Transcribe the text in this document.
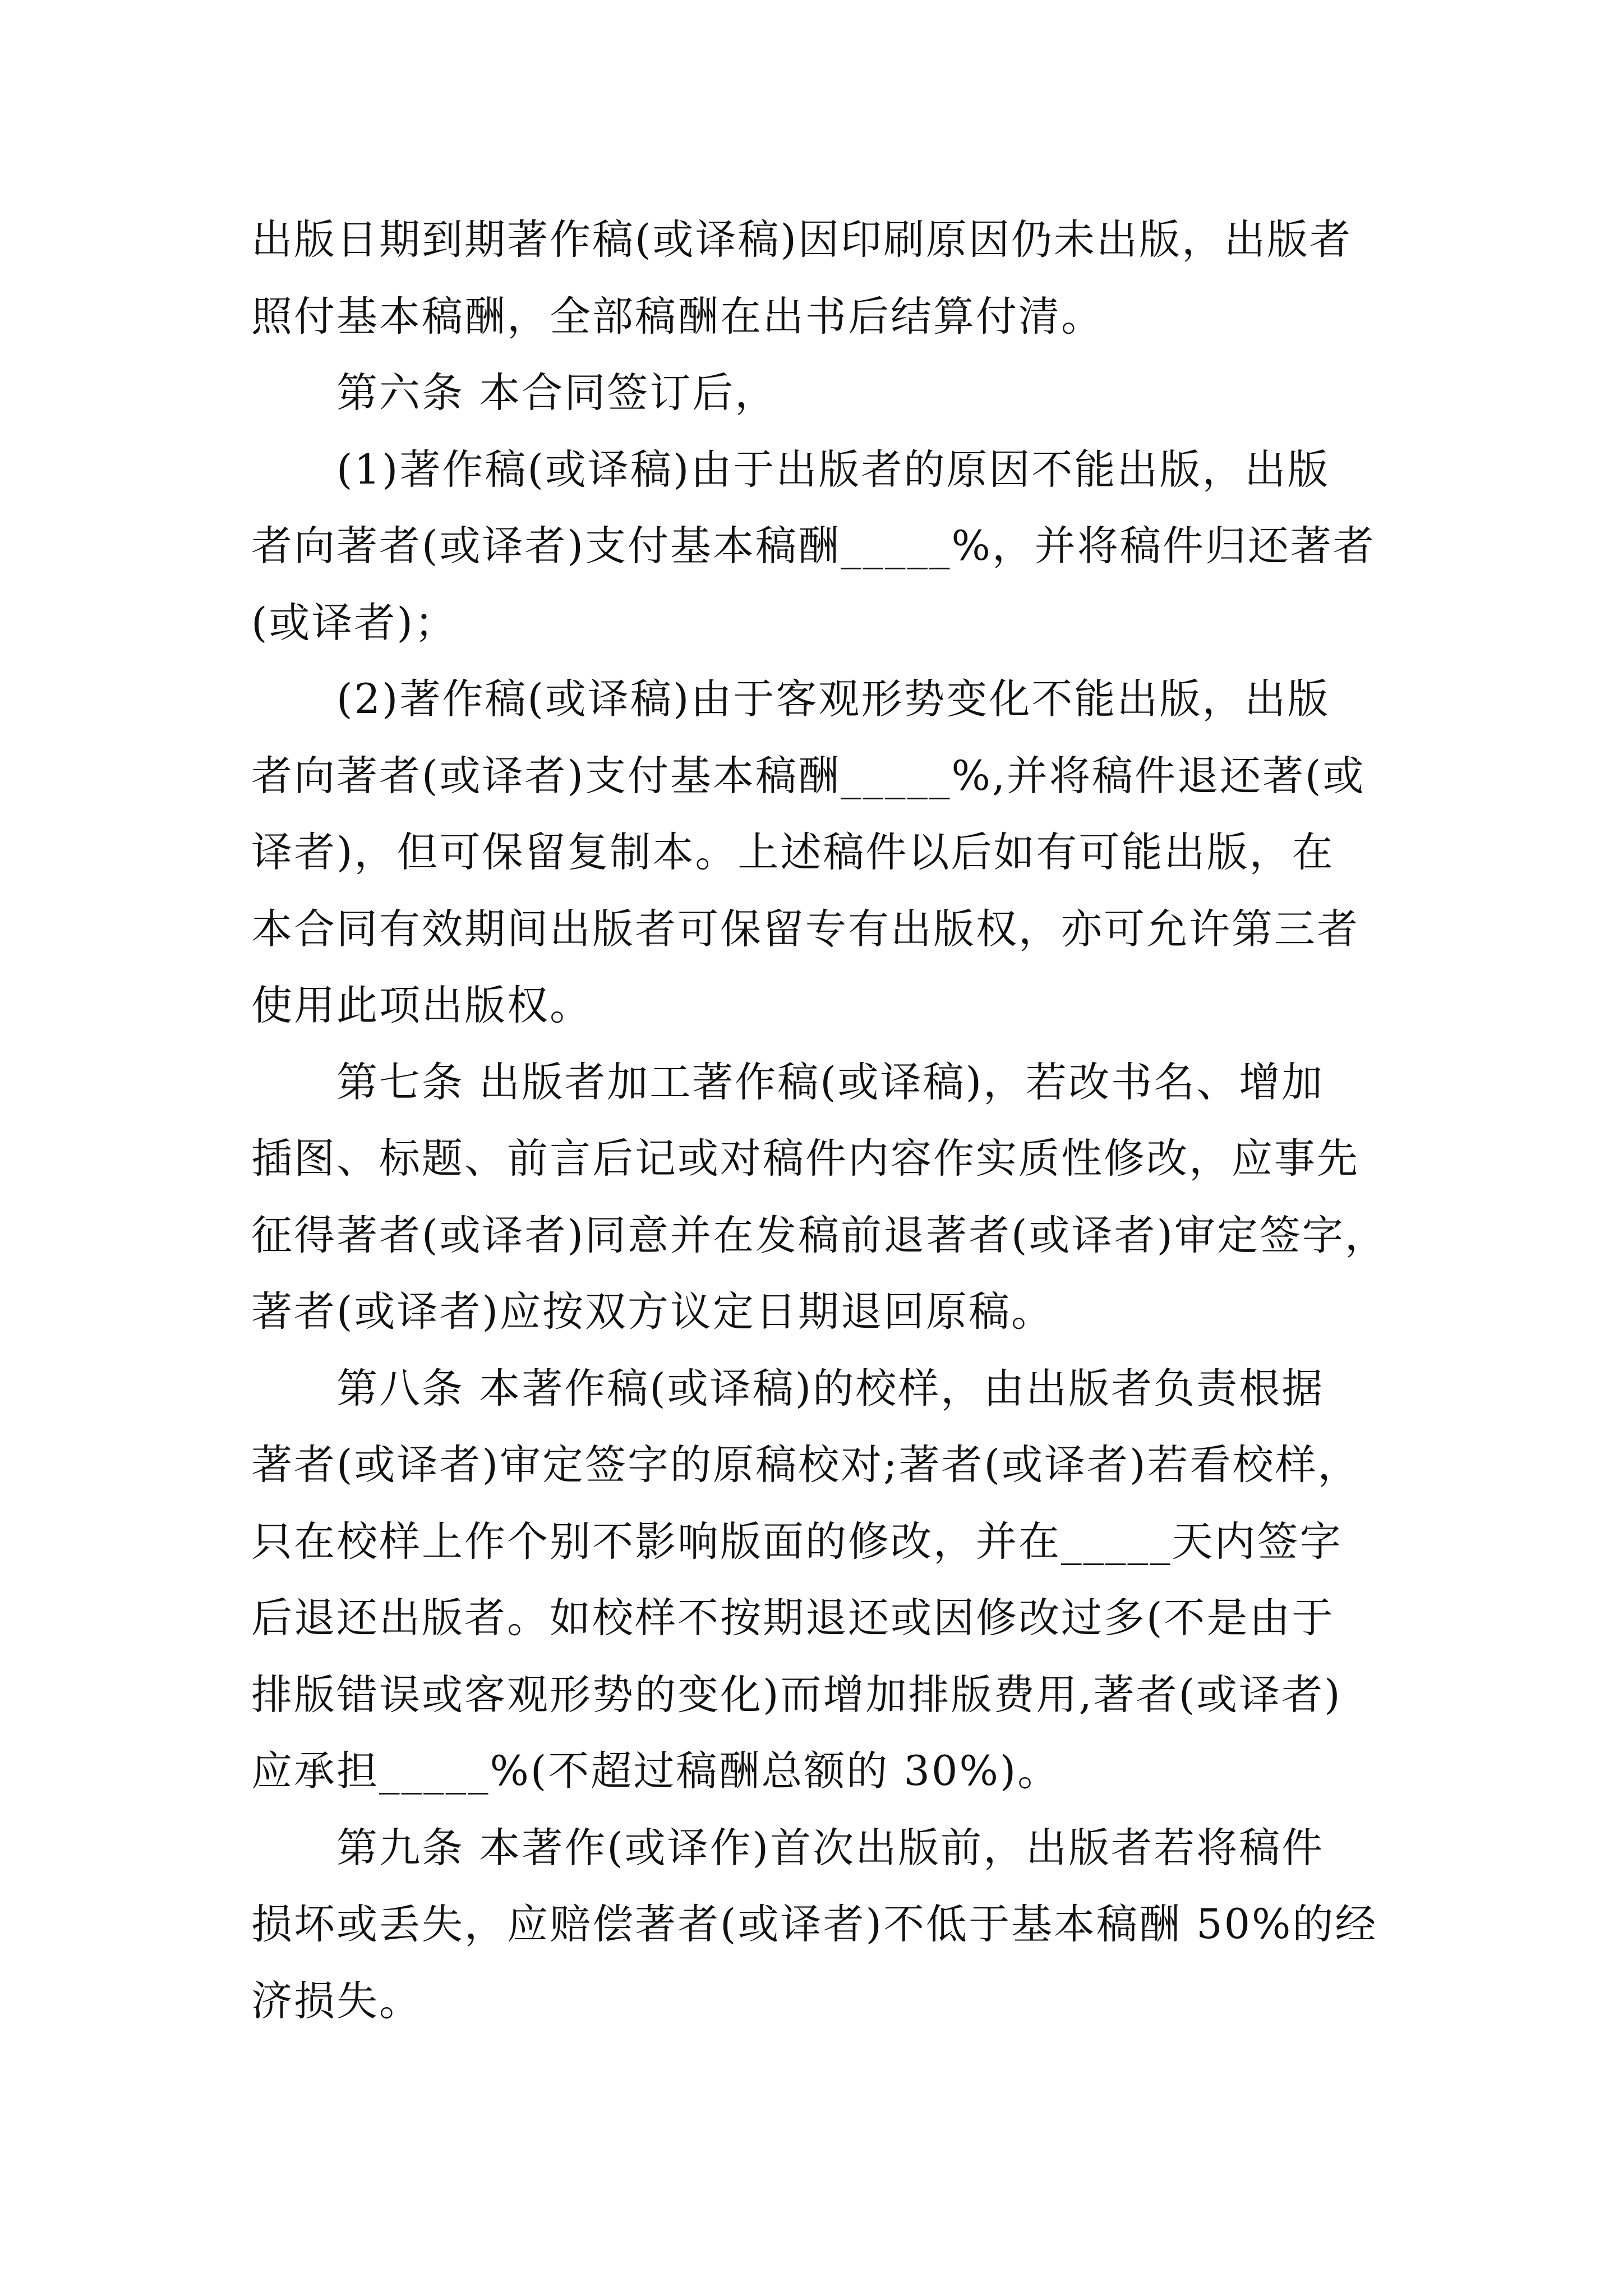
出版日期到期著作稿(或译稿)因印刷原因仍未出版，出版者
照付基本稿酬，全部稿酬在出书后结算付清。
第六条 本合同签订后，
(1)著作稿(或译稿)由于出版者的原因不能出版，出版
者向著者(或译者)支付基本稿酬_____%，并将稿件归还著者
(或译者)；
(2)著作稿(或译稿)由于客观形势变化不能出版，出版
者向著者(或译者)支付基本稿酬_____%,并将稿件退还著(或
译者)，但可保留复制本。上述稿件以后如有可能出版，在
本合同有效期间出版者可保留专有出版权，亦可允许第三者
使用此项出版权。
第七条 出版者加工著作稿(或译稿)，若改书名、增加
插图、标题、前言后记或对稿件内容作实质性修改，应事先
征得著者(或译者)同意并在发稿前退著者(或译者)审定签字，
著者(或译者)应按双方议定日期退回原稿。
第八条 本著作稿(或译稿)的校样，由出版者负责根据
著者(或译者)审定签字的原稿校对;著者(或译者)若看校样，
只在校样上作个别不影响版面的修改，并在_____天内签字
后退还出版者。如校样不按期退还或因修改过多(不是由于
排版错误或客观形势的变化)而增加排版费用,著者(或译者)
应承担_____%(不超过稿酬总额的 30%)。
第九条 本著作(或译作)首次出版前，出版者若将稿件
损坏或丢失，应赔偿著者(或译者)不低于基本稿酬 50%的经
济损失。
